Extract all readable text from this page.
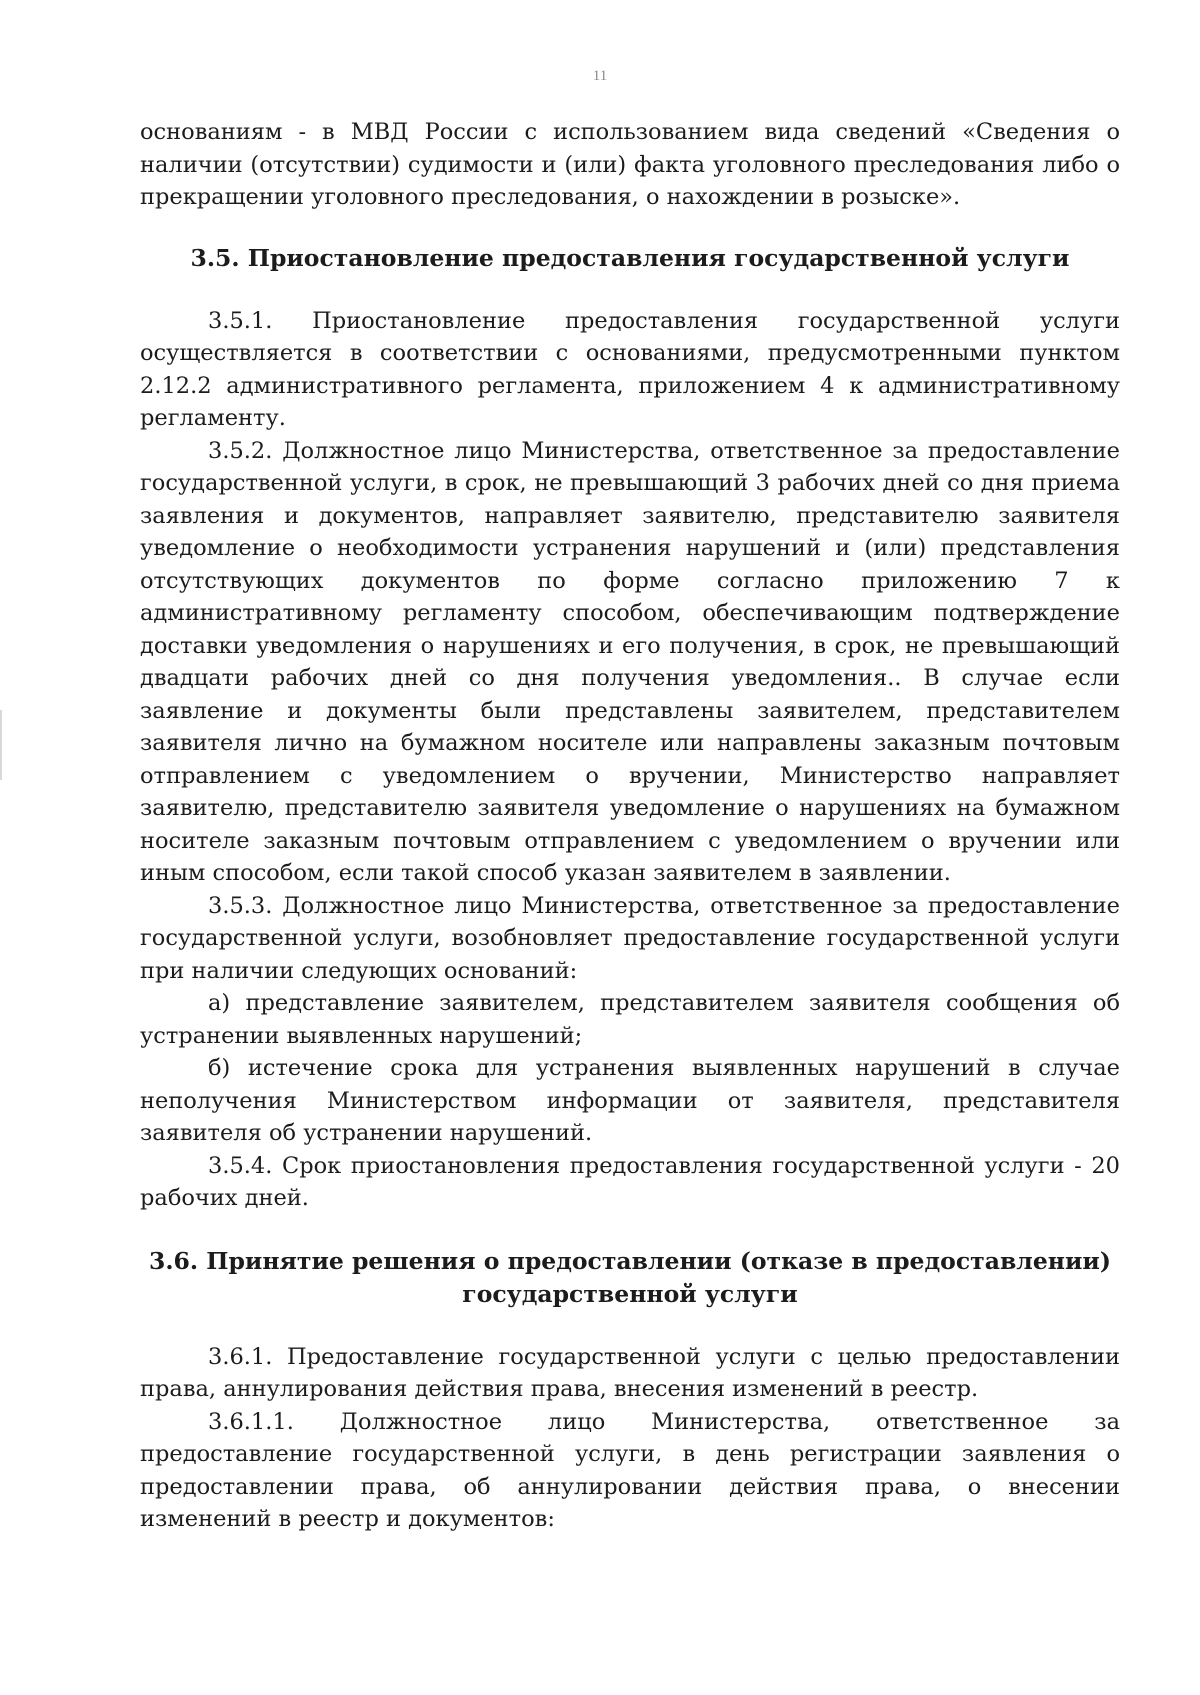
11

основаниям - в МВД России с использованием вида сведений «Сведения о наличии (отсутствии) судимости и (или) факта уголовного преследования либо о прекращении уголовного преследования, о нахождении в розыске».

3.5. Приостановление предоставления государственной услуги

3.5.1. Приостановление предоставления государственной услуги осуществляется в соответствии с основаниями, предусмотренными пунктом 2.12.2 административного регламента, приложением 4 к административному регламенту.

3.5.2. Должностное лицо Министерства, ответственное за предоставление государственной услуги, в срок, не превышающий 3 рабочих дней со дня приема заявления и документов, направляет заявителю, представителю заявителя уведомление о необходимости устранения нарушений и (или) представления отсутствующих документов по форме согласно приложению 7 к административному регламенту способом, обеспечивающим подтверждение доставки уведомления о нарушениях и его получения, в срок, не превышающий двадцати рабочих дней со дня получения уведомления.. В случае если заявление и документы были представлены заявителем, представителем заявителя лично на бумажном носителе или направлены заказным почтовым отправлением с уведомлением о вручении, Министерство направляет заявителю, представителю заявителя уведомление о нарушениях на бумажном носителе заказным почтовым отправлением с уведомлением о вручении или иным способом, если такой способ указан заявителем в заявлении.

3.5.3. Должностное лицо Министерства, ответственное за предоставление государственной услуги, возобновляет предоставление государственной услуги при наличии следующих оснований:

а) представление заявителем, представителем заявителя сообщения об устранении выявленных нарушений;

б) истечение срока для устранения выявленных нарушений в случае неполучения Министерством информации от заявителя, представителя заявителя об устранении нарушений.

3.5.4. Срок приостановления предоставления государственной услуги - 20 рабочих дней.

3.6. Принятие решения о предоставлении (отказе в предоставлении) государственной услуги

3.6.1. Предоставление государственной услуги с целью предоставлении права, аннулирования действия права, внесения изменений в реестр.

3.6.1.1. Должностное лицо Министерства, ответственное за предоставление государственной услуги, в день регистрации заявления о предоставлении права, об аннулировании действия права, о внесении изменений в реестр и документов:
